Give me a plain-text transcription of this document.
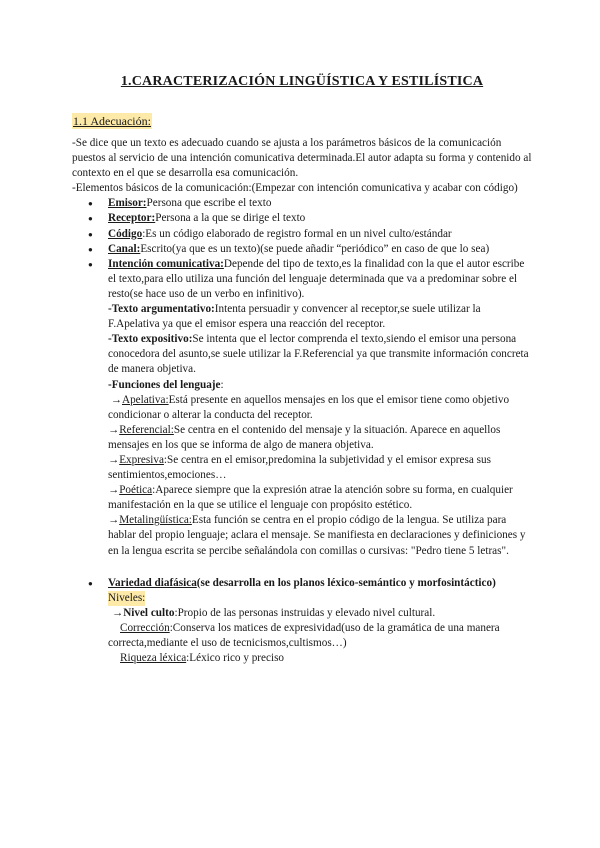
1.CARACTERIZACIÓN LINGÜÍSTICA Y ESTILÍSTICA
1.1 Adecuación:

-Se dice que un texto es adecuado cuando se ajusta a los parámetros básicos de la comunicación puestos al servicio de una intención comunicativa determinada.El autor adapta su forma y contenido al contexto en el que se desarrolla esa comunicación.

-Elementos básicos de la comunicación:(Empezar con intención comunicativa y acabar con código)

● Emisor:Persona que escribe el texto
● Receptor:Persona a la que se dirige el texto
● Código:Es un código elaborado de registro formal en un nivel culto/estándar
● Canal:Escrito(ya que es un texto)(se puede añadir “periódico” en caso de que lo sea)
● Intención comunicativa:Depende del tipo de texto,es la finalidad con la que el autor escribe el texto,para ello utiliza una función del lenguaje determinada que va a predominar sobre el resto(se hace uso de un verbo en infinitivo).

-Texto argumentativo:Intenta persuadir y convencer al receptor,se suele utilizar la F.Apelativa ya que el emisor espera una reacción del receptor.

-Texto expositivo:Se intenta que el lector comprenda el texto,siendo el emisor una persona conocedora del asunto,se suele utilizar la F.Referencial ya que transmite información concreta de manera objetiva.

-Funciones del lenguaje:

→Apelativa:Está presente en aquellos mensajes en los que el emisor tiene como objetivo condicionar o alterar la conducta del receptor.

→Referencial:Se centra en el contenido del mensaje y la situación. Aparece en aquellos mensajes en los que se informa de algo de manera objetiva.

→Expresiva:Se centra en el emisor,predomina la subjetividad y el emisor expresa sus sentimientos,emociones…

→Poética:Aparece siempre que la expresión atrae la atención sobre su forma, en cualquier manifestación en la que se utilice el lenguaje con propósito estético.

→Metalingüística:Esta función se centra en el propio código de la lengua. Se utiliza para hablar del propio lenguaje; aclara el mensaje. Se manifiesta en declaraciones y definiciones y en la lengua escrita se percibe señalándola con comillas o cursivas: "Pedro tiene 5 letras".

● Variedad diafásica(se desarrolla en los planos léxico-semántico y morfosintáctico)

Niveles:

→Nivel culto:Propio de las personas instruidas y elevado nivel cultural.

Corrección:Conserva los matices de expresividad(uso de la gramática de una manera correcta,mediante el uso de tecnicismos,cultismos…)

Riqueza léxica:Léxico rico y preciso
